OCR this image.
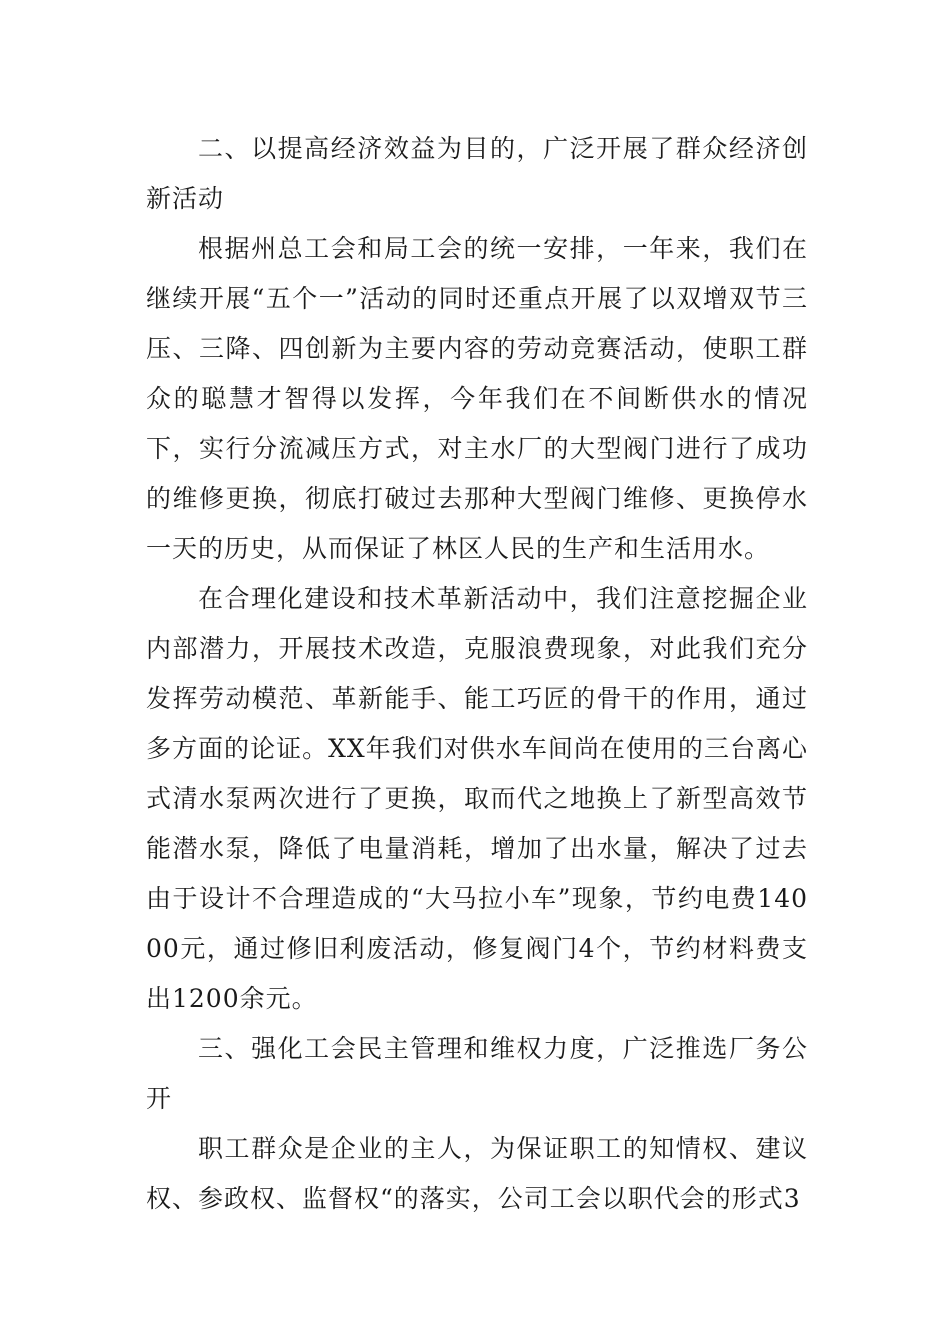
二、以提高经济效益为目的，广泛开展了群众经济创新活动

根据州总工会和局工会的统一安排，一年来，我们在继续开展“五个一”活动的同时还重点开展了以双增双节三压、三降、四创新为主要内容的劳动竞赛活动，使职工群众的聪慧才智得以发挥，今年我们在不间断供水的情况下，实行分流减压方式，对主水厂的大型阀门进行了成功的维修更换，彻底打破过去那种大型阀门维修、更换停水一天的历史，从而保证了林区人民的生产和生活用水。

在合理化建设和技术革新活动中，我们注意挖掘企业内部潜力，开展技术改造，克服浪费现象，对此我们充分发挥劳动模范、革新能手、能工巧匠的骨干的作用，通过多方面的论证。XX年我们对供水车间尚在使用的三台离心式清水泵两次进行了更换，取而代之地换上了新型高效节能潜水泵，降低了电量消耗，增加了出水量，解决了过去由于设计不合理造成的“大马拉小车”现象，节约电费14000元，通过修旧利废活动，修复阀门4个，节约材料费支出1200余元。

三、强化工会民主管理和维权力度，广泛推选厂务公开

职工群众是企业的主人，为保证职工的知情权、建议权、参政权、监督权“的落实，公司工会以职代会的形式3
